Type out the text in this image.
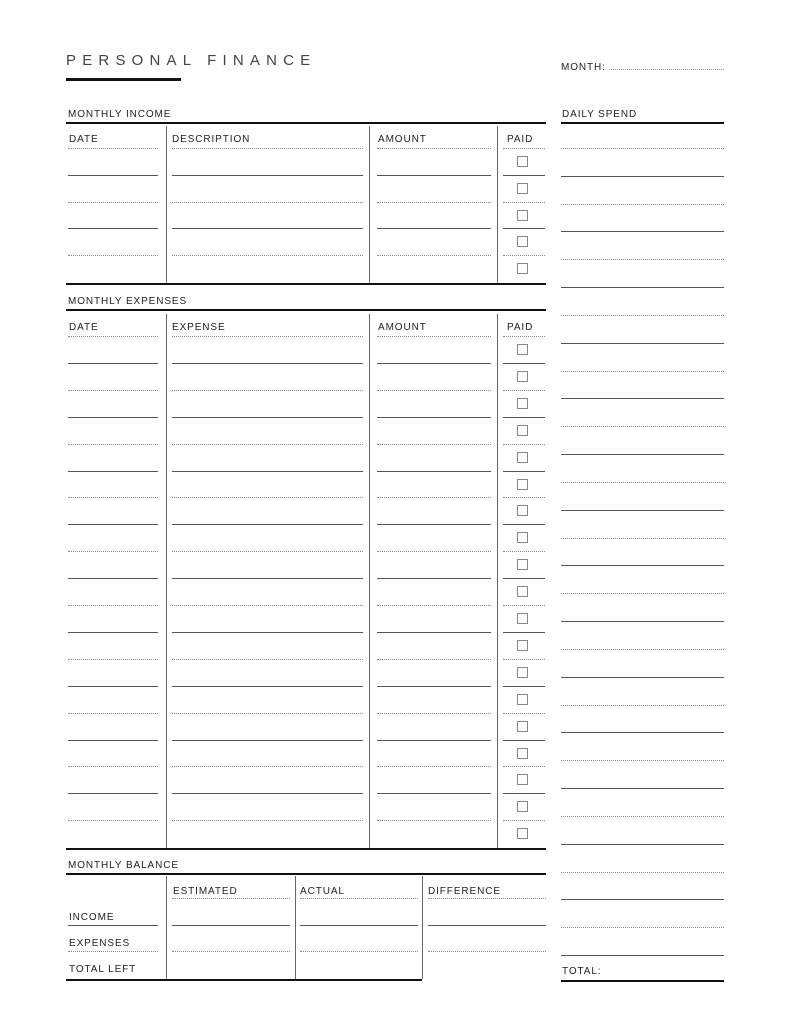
PERSONAL FINANCE	MONTH:
MONTHLY INCOME
DATE	DESCRIPTION	AMOUNT	PAID
MONTHLY EXPENSES
DATE	EXPENSE	AMOUNT	PAID
MONTHLY BALANCE
ESTIMATED	ACTUAL	DIFFERENCE
INCOME
EXPENSES
TOTAL LEFT
DAILY SPEND
TOTAL:
